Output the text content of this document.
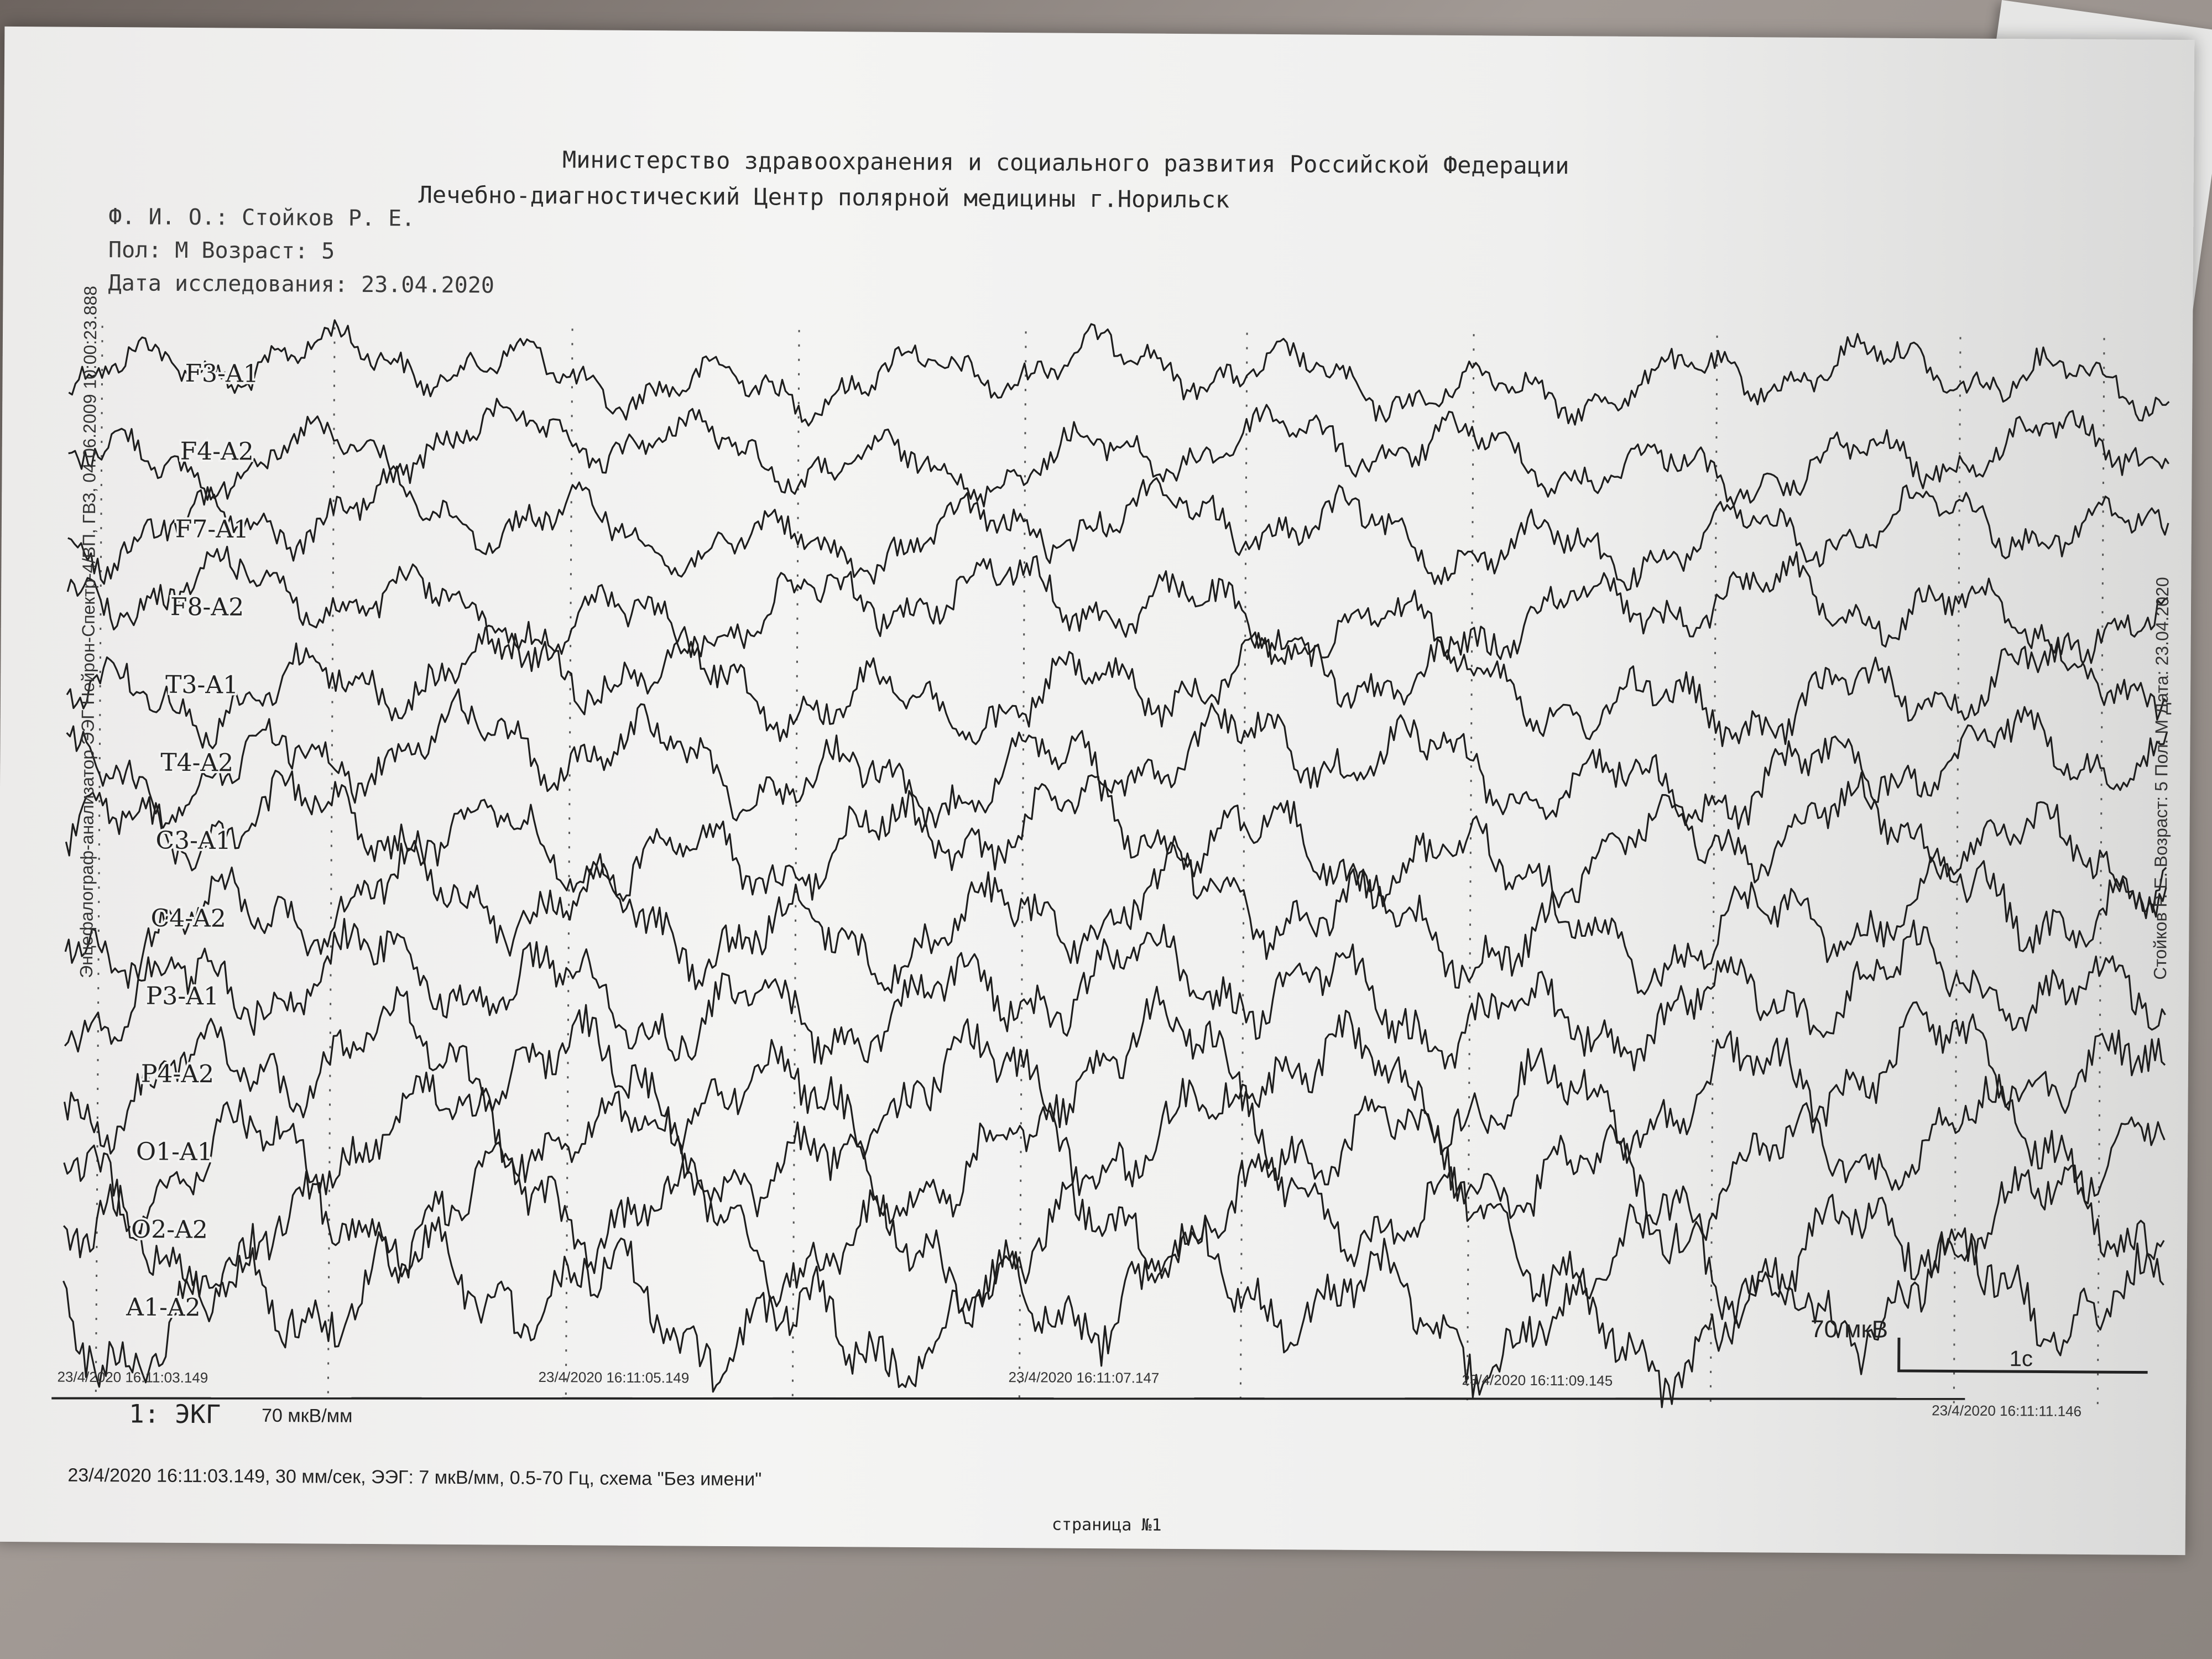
Министерство здравоохранения и социального развития Российской Федерации
Лечебно-диагностический Центр полярной медицины г.Норильск
Ф. И. О.: Стойков Р. Е.
Пол: М Возраст: 5
Дата исследования: 23.04.2020
F3-A1
F4-A2
F7-A1
F8-A2
T3-A1
T4-A2
C3-A1
C4-A2
P3-A1
P4-A2
O1-A1
O2-A2
A1-A2
23/4/2020 16:11:03.149	23/4/2020 16:11:05.149	23/4/2020 16:11:07.147	23/4/2020 16:11:09.145
23/4/2020 16:11:11.146
70 мкВ
1с
1: ЭКГ 70 мкВ/мм
23/4/2020 16:11:03.149, 30 мм/сек, ЭЭГ: 7 мкВ/мм, 0.5-70 Гц, схема "Без имени"
страница №1
Энцефалограф-анализатор ЭЭГ Нейрон-Спектр-4/ВП, ГВЗ, 04.06.2009 10:00:23.888	Стойков Р. Е. Возраст: 5 Пол: М Дата: 23.04.2020
